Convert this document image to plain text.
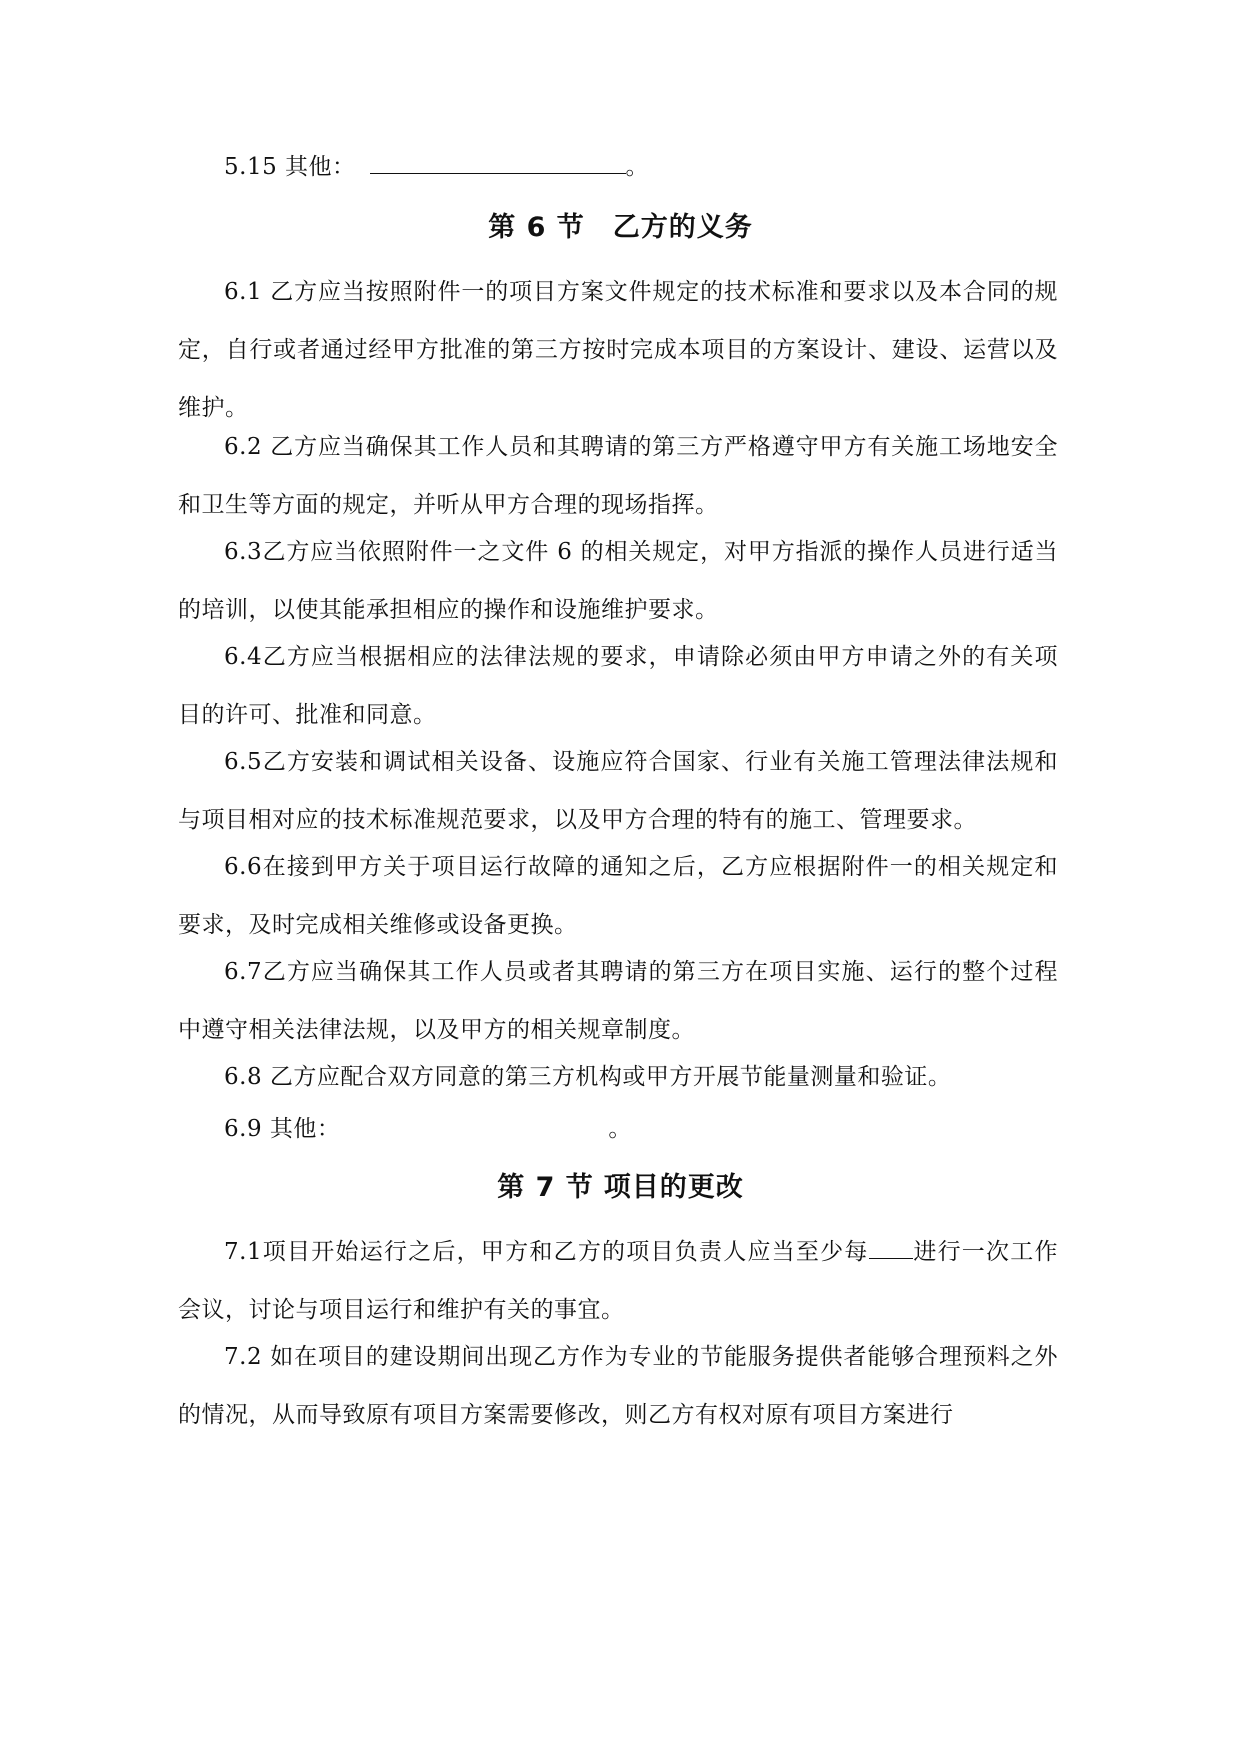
5.15 其他：	。

第 6 节 乙方的义务

6.1 乙方应当按照附件一的项目方案文件规定的技术标准和要求以及本合同的规定，自行或者通过经甲方批准的第三方按时完成本项目的方案设计、建设、运营以及维护。

6.2 乙方应当确保其工作人员和其聘请的第三方严格遵守甲方有关施工场地安全和卫生等方面的规定，并听从甲方合理的现场指挥。

6.3乙方应当依照附件一之文件 6 的相关规定，对甲方指派的操作人员进行适当的培训，以使其能承担相应的操作和设施维护要求。

6.4乙方应当根据相应的法律法规的要求，申请除必须由甲方申请之外的有关项目的许可、批准和同意。

6.5乙方安装和调试相关设备、设施应符合国家、行业有关施工管理法律法规和与项目相对应的技术标准规范要求，以及甲方合理的特有的施工、管理要求。

6.6在接到甲方关于项目运行故障的通知之后，乙方应根据附件一的相关规定和要求，及时完成相关维修或设备更换。

6.7乙方应当确保其工作人员或者其聘请的第三方在项目实施、运行的整个过程中遵守相关法律法规，以及甲方的相关规章制度。

6.8 乙方应配合双方同意的第三方机构或甲方开展节能量测量和验证。

6.9 其他：	。

第 7 节 项目的更改

7.1项目开始运行之后，甲方和乙方的项目负责人应当至少每 进行一次工作会议，讨论与项目运行和维护有关的事宜。

7.2 如在项目的建设期间出现乙方作为专业的节能服务提供者能够合理预料之外的情况，从而导致原有项目方案需要修改，则乙方有权对原有项目方案进行
